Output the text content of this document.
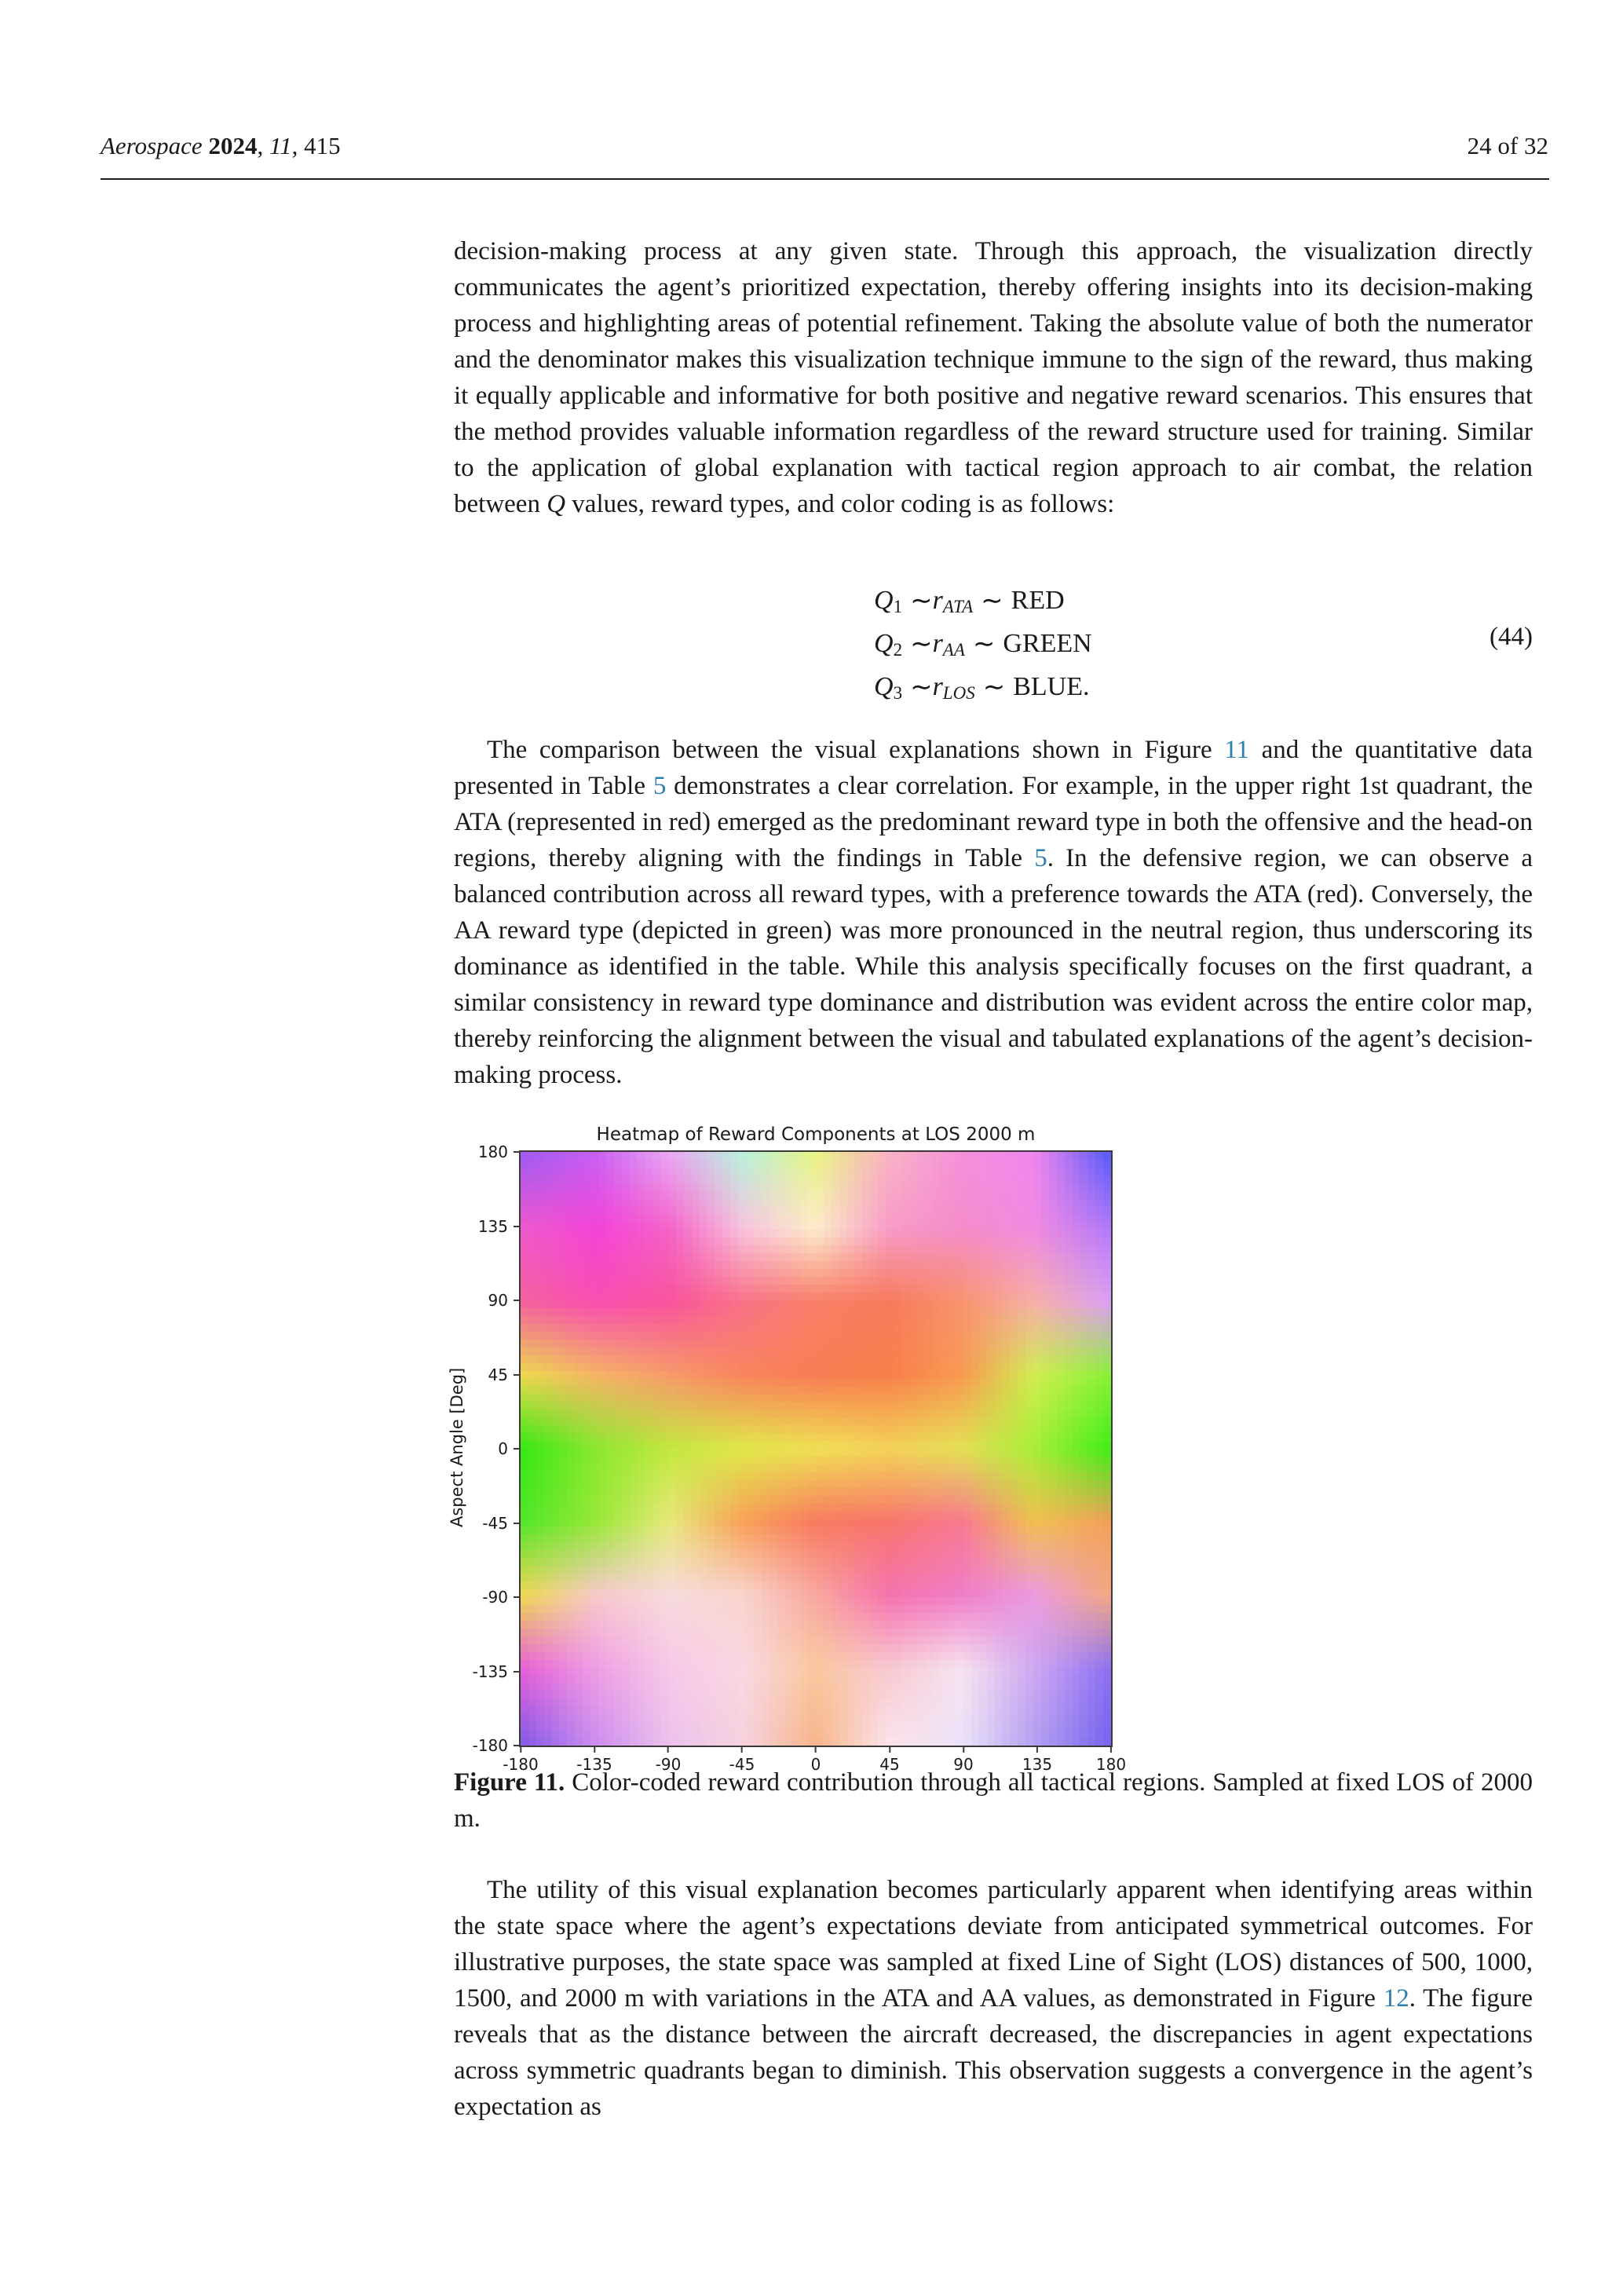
Aerospace 2024, 11, 415	24 of 32
decision-making process at any given state. Through this approach, the visualization directly communicates the agent’s prioritized expectation, thereby offering insights into its decision-making process and highlighting areas of potential refinement. Taking the absolute value of both the numerator and the denominator makes this visualization technique immune to the sign of the reward, thus making it equally applicable and informative for both positive and negative reward scenarios. This ensures that the method provides valuable information regardless of the reward structure used for training. Similar to the application of global explanation with tactical region approach to air combat, the relation between Q values, reward types, and color coding is as follows:
Q 1 ∼ r ATA ∼ RED
Q 2 ∼ r AA ∼ GREEN
Q 3 ∼ r LOS ∼ BLUE.
(44)
The comparison between the visual explanations shown in Figure 11 and the quantitative data presented in Table 5 demonstrates a clear correlation. For example, in the upper right 1st quadrant, the ATA (represented in red) emerged as the predominant reward type in both the offensive and the head-on regions, thereby aligning with the findings in Table 5. In the defensive region, we can observe a balanced contribution across all reward types, with a preference towards the ATA (red). Conversely, the AA reward type (depicted in green) was more pronounced in the neutral region, thus underscoring its dominance as identified in the table. While this analysis specifically focuses on the first quadrant, a similar consistency in reward type dominance and distribution was evident across the entire color map, thereby reinforcing the alignment between the visual and tabulated explanations of the agent’s decision-making process.
Heatmap of Reward Components at LOS 2000 m
Aspect Angle [Deg]
180
135
90
45
0
-45
-90
-135
-180
-180 -135	-90	-45	0	45	90	135	180
Figure 11. Color-coded reward contribution through all tactical regions. Sampled at fixed LOS of 2000 m.
The utility of this visual explanation becomes particularly apparent when identifying areas within the state space where the agent’s expectations deviate from anticipated symmetrical outcomes. For illustrative purposes, the state space was sampled at fixed Line of Sight (LOS) distances of 500, 1000, 1500, and 2000 m with variations in the ATA and AA values, as demonstrated in Figure 12. The figure reveals that as the distance between the aircraft decreased, the discrepancies in agent expectations across symmetric quadrants began to diminish. This observation suggests a convergence in the agent’s expectation as
